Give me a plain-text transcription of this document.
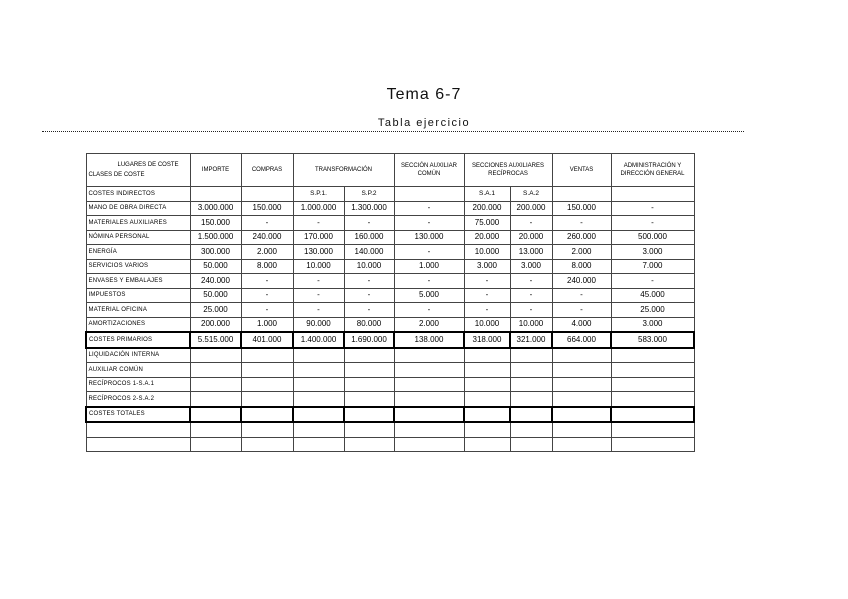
Tema 6-7
Tabla ejercicio
LUGARES DE COSTE
CLASES DE COSTE	IMPORTE	COMPRAS	TRANSFORMACIÓN		SECCIÓN AUXILIAR COMÚN	SECCIONES AUXILIARES RECÍPROCAS		VENTAS	ADMINISTRACIÓN Y DIRECCIÓN GENERAL
COSTES INDIRECTOS			S.P.1.	S.P.2		S.A.1	S.A.2		
MANO DE OBRA DIRECTA	3.000.000	150.000	1.000.000	1.300.000	-	200.000	200.000	150.000	-
MATERIALES AUXILIARES	150.000	-	-	-	-	75.000	-	-	-
NÓMINA PERSONAL	1.500.000	240.000	170.000	160.000	130.000	20.000	20.000	260.000	500.000
ENERGÍA	300.000	2.000	130.000	140.000	-	10.000	13.000	2.000	3.000
SERVICIOS VARIOS	50.000	8.000	10.000	10.000	1.000	3.000	3.000	8.000	7.000
ENVASES Y EMBALAJES	240.000	-	-	-	-	-	-	240.000	-
IMPUESTOS	50.000	-	-	-	5.000	-	-	-	45.000
MATERIAL OFICINA	25.000	-	-	-	-	-	-	-	25.000
AMORTIZACIONES	200.000	1.000	90.000	80.000	2.000	10.000	10.000	4.000	3.000
COSTES PRIMARIOS	5.515.000	401.000	1.400.000	1.690.000	138.000	318.000	321.000	664.000	583.000
LIQUIDACIÓN INTERNA									
AUXILIAR COMÚN									
RECÍPROCOS 1-S.A.1									
RECÍPROCOS 2-S.A.2									
COSTES TOTALES									
